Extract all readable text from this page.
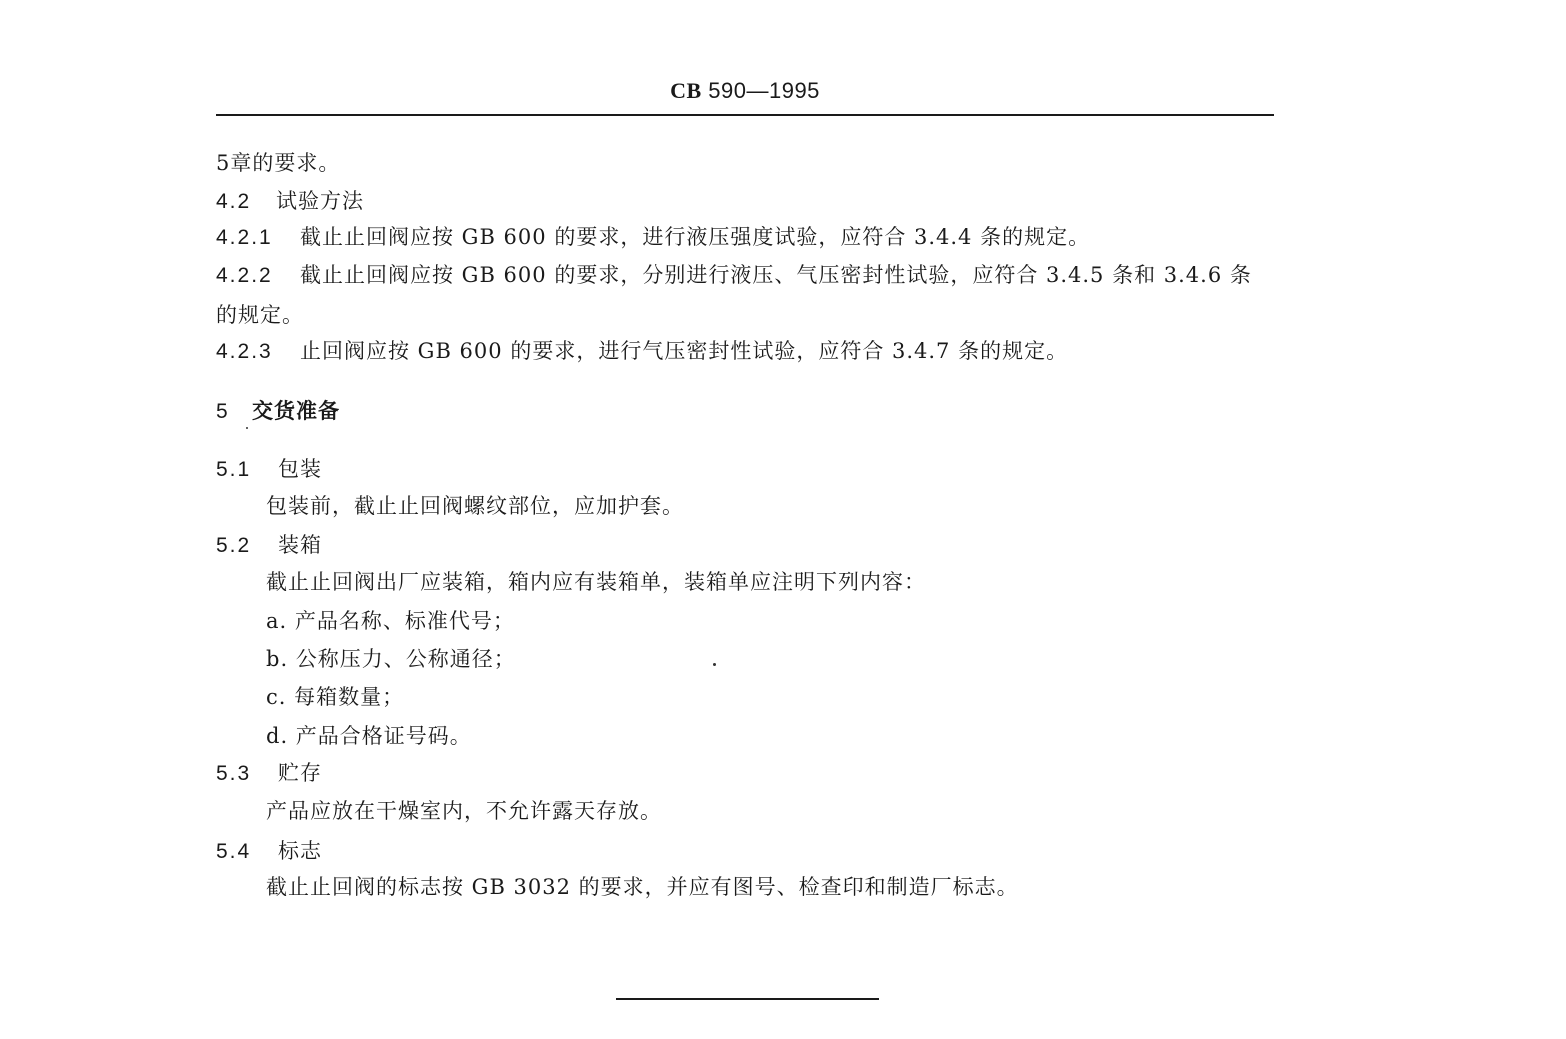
CB 590—1995
5章的要求。
4.2 试验方法
4.2.1 截止止回阀应按 GB 600 的要求，进行液压强度试验，应符合 3.4.4 条的规定。
4.2.2 截止止回阀应按 GB 600 的要求，分别进行液压、气压密封性试验，应符合 3.4.5 条和 3.4.6 条
的规定。
4.2.3 止回阀应按 GB 600 的要求，进行气压密封性试验，应符合 3.4.7 条的规定。
5 交货准备
5.1 包装
包装前，截止止回阀螺纹部位，应加护套。
5.2 装箱
截止止回阀出厂应装箱，箱内应有装箱单，装箱单应注明下列内容：
a. 产品名称、标准代号；
b. 公称压力、公称通径；
c. 每箱数量；
d. 产品合格证号码。
5.3 贮存
产品应放在干燥室内，不允许露天存放。
5.4 标志
截止止回阀的标志按 GB 3032 的要求，并应有图号、检查印和制造厂标志。
